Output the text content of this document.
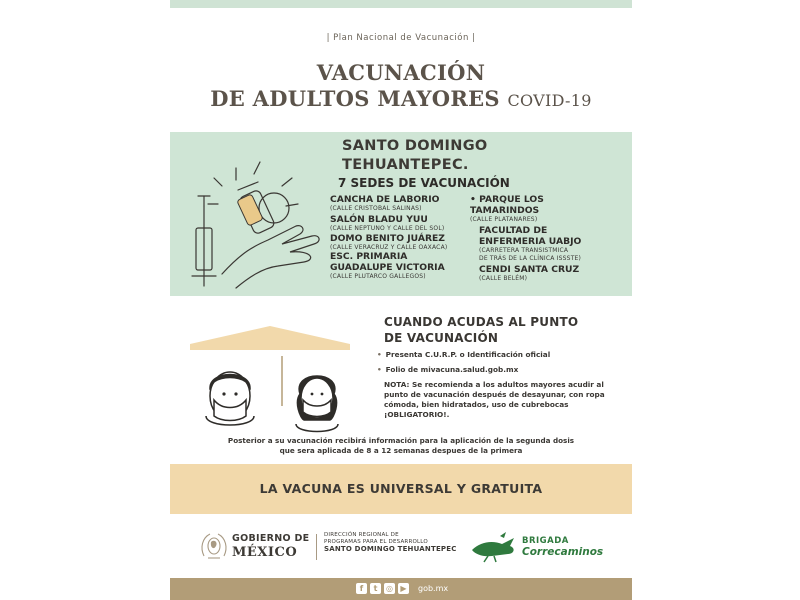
| Plan Nacional de Vacunación |
VACUNACIÓN
DE ADULTOS MAYORES COVID-19
SANTO DOMINGO
TEHUANTEPEC.
7 SEDES DE VACUNACIÓN
CANCHA DE LABORIO
(CALLE CRISTOBAL SALINAS)
SALÓN BLADU YUU
(CALLE NEPTUNO Y CALLE DEL SOL)
DOMO BENITO JUÁREZ
(CALLE VERACRUZ Y CALLE OAXACA)
ESC. PRIMARIA
GUADALUPE VICTORIA
(CALLE PLUTARCO GALLEGOS)
• PARQUE LOS
TAMARINDOS
(CALLE PLATANARES)
FACULTAD DE
ENFERMERIA UABJO
(CARRETERA TRANSISTMICA
DE TRÁS DE LA CLÍNICA ISSSTE)
CENDI SANTA CRUZ
(CALLE BELÉM)
CUANDO ACUDAS AL PUNTO
DE VACUNACIÓN
• Presenta C.U.R.P. o Identificación oficial
• Folio de mivacuna.salud.gob.mx
NOTA: Se recomienda a los adultos mayores acudir al punto de vacunación después de desayunar, con ropa cómoda, bien hidratados, uso de cubrebocas ¡OBLIGATORIO!.
Posterior a su vacunación recibirá información para la aplicación de la segunda dosis
que sera aplicada de 8 a 12 semanas despues de la primera
LA VACUNA ES UNIVERSAL Y GRATUITA
GOBIERNO DE
MÉXICO
DIRECCIÓN REGIONAL DE
PROGRAMAS PARA EL DESARROLLO
SANTO DOMINGO TEHUANTEPEC
BRIGADA
Correcaminos
f	t	◎ ▶	gob.mx
